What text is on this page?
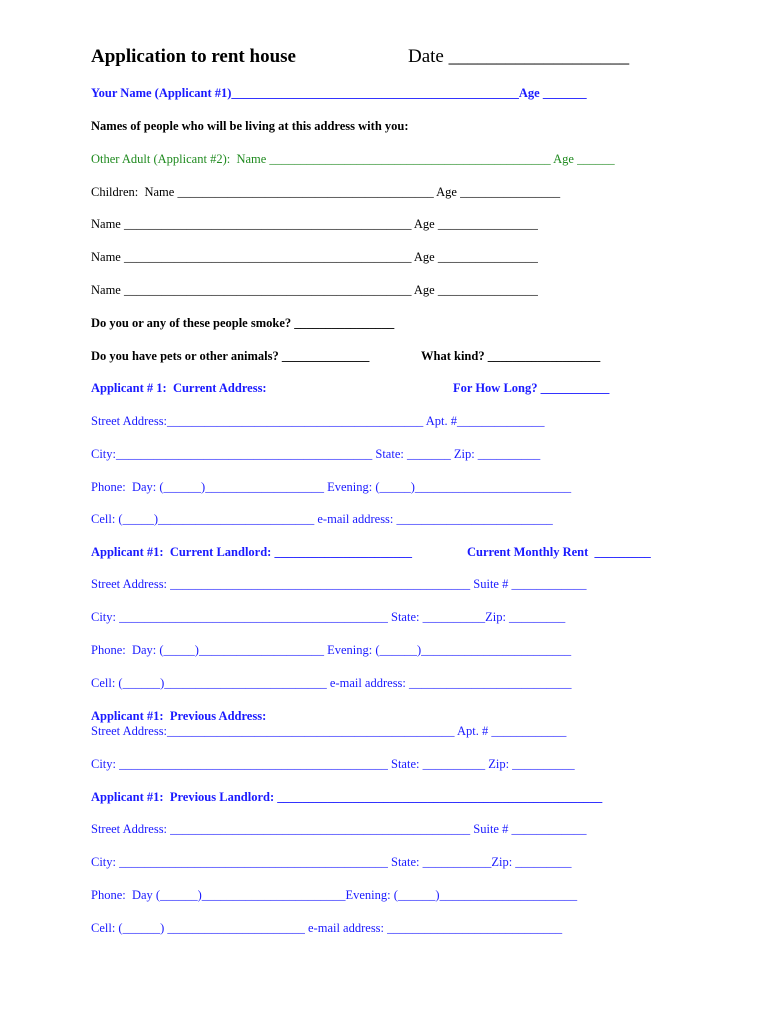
Application to rent house	Date ___________________
Your Name (Applicant #1)______________________________________________Age _______
Names of people who will be living at this address with you:
Other Adult (Applicant #2):  Name _____________________________________________ Age ______
Children:  Name _________________________________________ Age ________________
Name ______________________________________________ Age ________________
Name ______________________________________________ Age ________________
Name ______________________________________________ Age ________________
Do you or any of these people smoke? ________________
Do you have pets or other animals? ______________	What kind? __________________
Applicant # 1:  Current Address:	For How Long? ___________
Street Address:_________________________________________ Apt. #______________
City:_________________________________________ State: _______ Zip: __________
Phone:  Day: (______)___________________ Evening: (_____)_________________________
Cell: (_____)_________________________ e-mail address: _________________________
Applicant #1:  Current Landlord: ______________________	Current Monthly Rent  _________
Street Address: ________________________________________________ Suite # ____________
City: ___________________________________________ State: __________Zip: _________
Phone:  Day: (_____)____________________ Evening: (______)________________________
Cell: (______)__________________________ e-mail address: __________________________
Applicant #1:  Previous Address:
Street Address:______________________________________________ Apt. # ____________
City: ___________________________________________ State: __________ Zip: __________
Applicant #1:  Previous Landlord: ____________________________________________________
Street Address: ________________________________________________ Suite # ____________
City: ___________________________________________ State: ___________Zip: _________
Phone:  Day (______)_______________________Evening: (______)______________________
Cell: (______) ______________________ e-mail address: ____________________________
